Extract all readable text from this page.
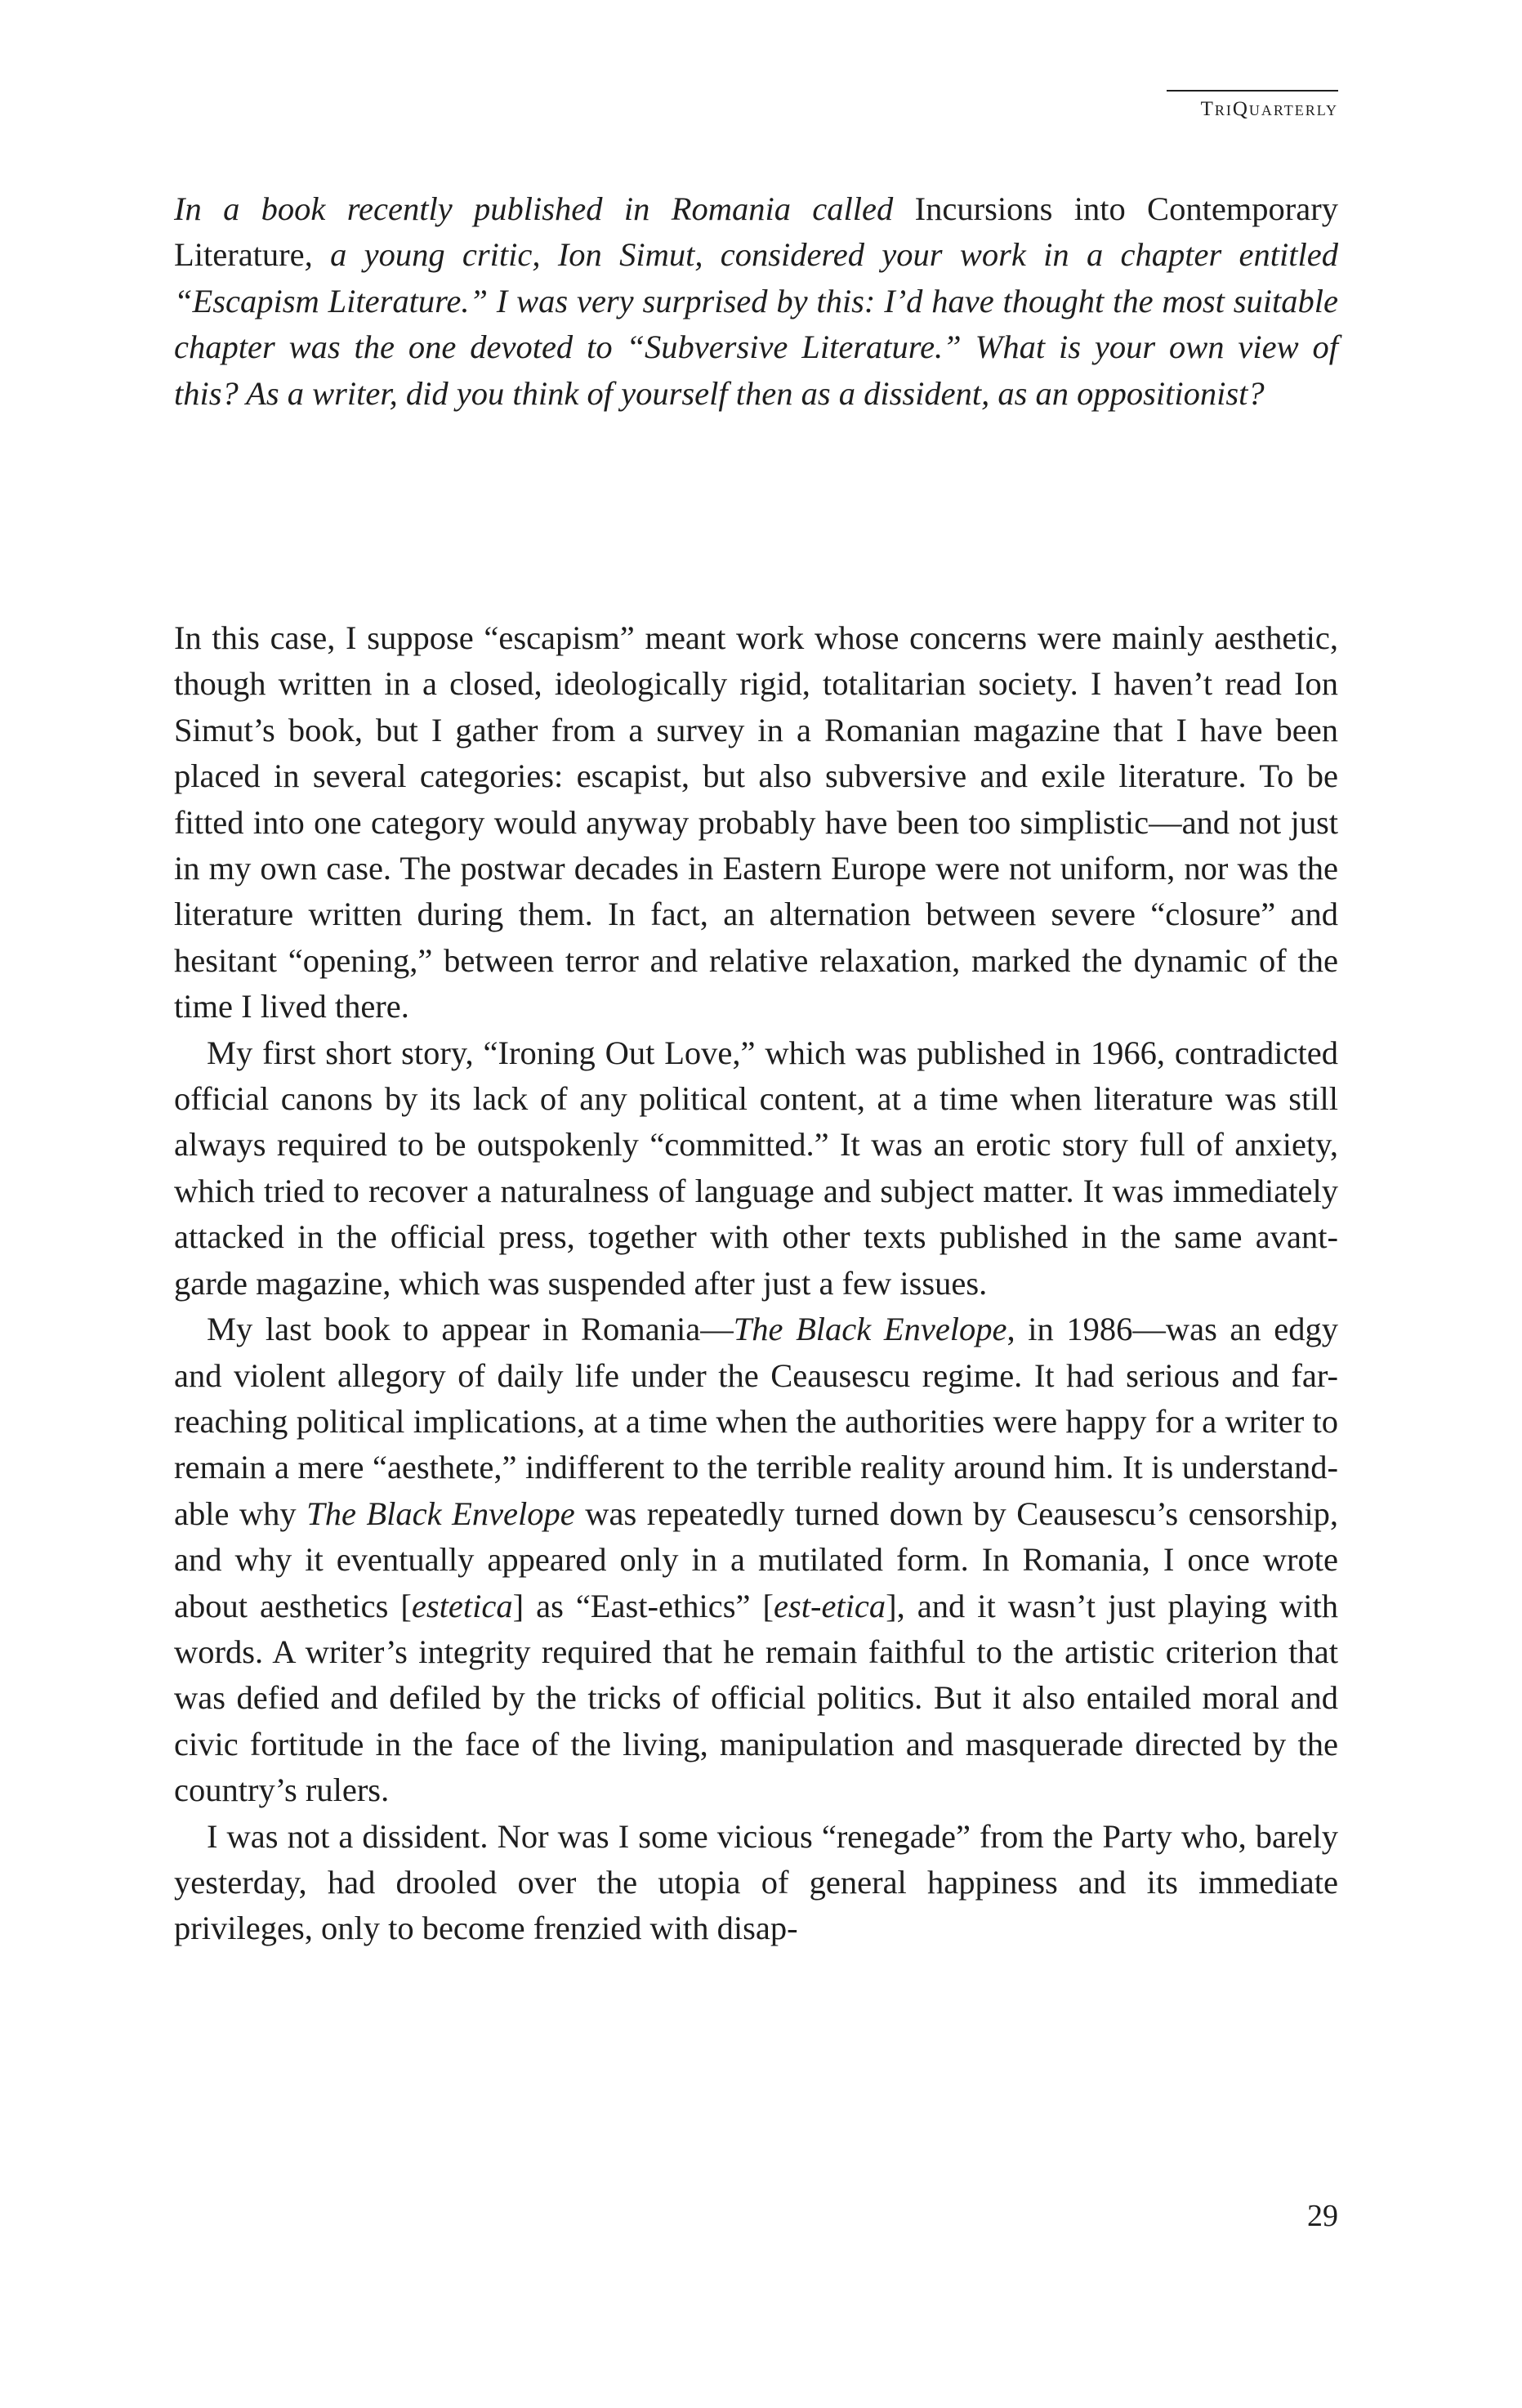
TriQuarterly

In a book recently published in Romania called Incursions into Contemporary Literature, a young critic, Ion Simut, considered your work in a chapter entitled “Escapism Literature.” I was very surprised by this: I’d have thought the most suitable chapter was the one devoted to “Subversive Literature.” What is your own view of this? As a writer, did you think of yourself then as a dissident, as an oppositionist?

In this case, I suppose “escapism” meant work whose concerns were mainly aesthetic, though written in a closed, ideologically rigid, totalitarian society. I haven’t read Ion Simut’s book, but I gather from a survey in a Romanian magazine that I have been placed in several categories: escapist, but also subversive and exile literature. To be fitted into one category would anyway probably have been too simplistic—and not just in my own case. The postwar decades in Eastern Europe were not uniform, nor was the literature written during them. In fact, an alternation between severe “closure” and hesitant “opening,” between terror and relative relaxation, marked the dynamic of the time I lived there.

My first short story, “Ironing Out Love,” which was published in 1966, contradicted official canons by its lack of any political content, at a time when literature was still always required to be outspokenly “committed.” It was an erotic story full of anxiety, which tried to recover a naturalness of language and subject matter. It was immediately attacked in the official press, together with other texts published in the same avant-garde magazine, which was suspended after just a few issues.

My last book to appear in Romania—The Black Envelope, in 1986—was an edgy and violent allegory of daily life under the Ceausescu regime. It had serious and far-reaching political implications, at a time when the authorities were happy for a writer to remain a mere “aesthete,” indifferent to the terrible reality around him. It is understandable why The Black Envelope was repeatedly turned down by Ceausescu’s censorship, and why it eventually appeared only in a mutilated form. In Romania, I once wrote about aesthetics [estetica] as “East-ethics” [est-etica], and it wasn’t just playing with words. A writer’s integrity required that he remain faithful to the artistic criterion that was defied and defiled by the tricks of official politics. But it also entailed moral and civic fortitude in the face of the living, manipulation and masquerade directed by the country’s rulers.

I was not a dissident. Nor was I some vicious “renegade” from the Party who, barely yesterday, had drooled over the utopia of general happiness and its immediate privileges, only to become frenzied with disap-

29
